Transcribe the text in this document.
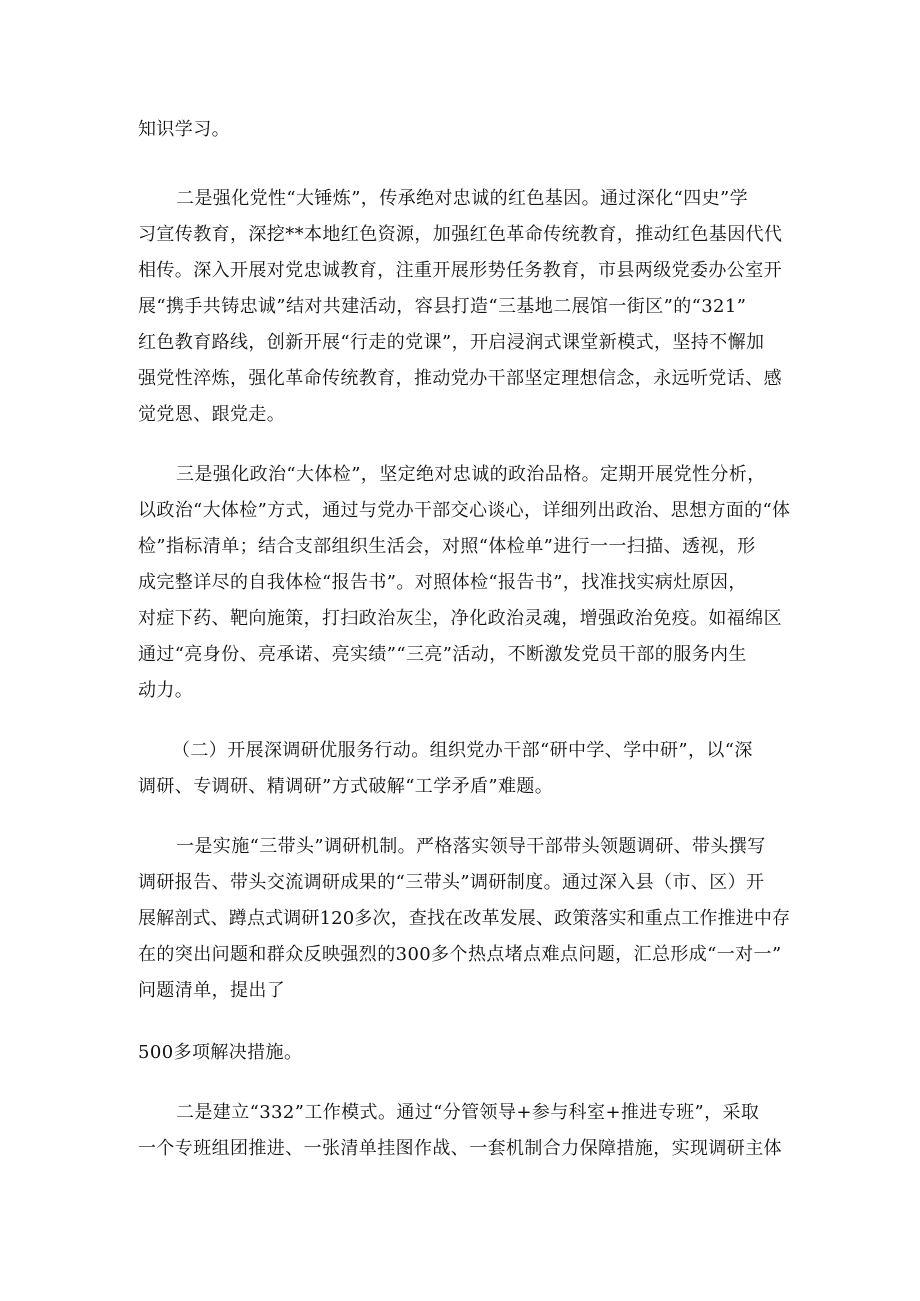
知识学习。
二是强化党性“大锤炼”，传承绝对忠诚的红色基因。通过深化“四史”学
习宣传教育，深挖**本地红色资源，加强红色革命传统教育，推动红色基因代代
相传。深入开展对党忠诚教育，注重开展形势任务教育，市县两级党委办公室开
展“携手共铸忠诚”结对共建活动，容县打造“三基地二展馆一街区”的“321”
红色教育路线，创新开展“行走的党课”，开启浸润式课堂新模式，坚持不懈加
强党性淬炼，强化革命传统教育，推动党办干部坚定理想信念，永远听党话、感
觉党恩、跟党走。
三是强化政治“大体检”，坚定绝对忠诚的政治品格。定期开展党性分析，
以政治“大体检”方式，通过与党办干部交心谈心，详细列出政治、思想方面的“体
检”指标清单；结合支部组织生活会，对照“体检单”进行一一扫描、透视，形
成完整详尽的自我体检“报告书”。对照体检“报告书”，找准找实病灶原因，
对症下药、靶向施策，打扫政治灰尘，净化政治灵魂，增强政治免疫。如福绵区
通过“亮身份、亮承诺、亮实绩”“三亮”活动，不断激发党员干部的服务内生
动力。
（二）开展深调研优服务行动。组织党办干部“研中学、学中研”，以“深
调研、专调研、精调研”方式破解“工学矛盾”难题。
一是实施“三带头”调研机制。严格落实领导干部带头领题调研、带头撰写
调研报告、带头交流调研成果的“三带头”调研制度。通过深入县（市、区）开
展解剖式、蹲点式调研120多次，查找在改革发展、政策落实和重点工作推进中存
在的突出问题和群众反映强烈的300多个热点堵点难点问题，汇总形成“一对一”
问题清单，提出了
500多项解决措施。
二是建立“332”工作模式。通过“分管领导+参与科室+推进专班”，采取
一个专班组团推进、一张清单挂图作战、一套机制合力保障措施，实现调研主体
